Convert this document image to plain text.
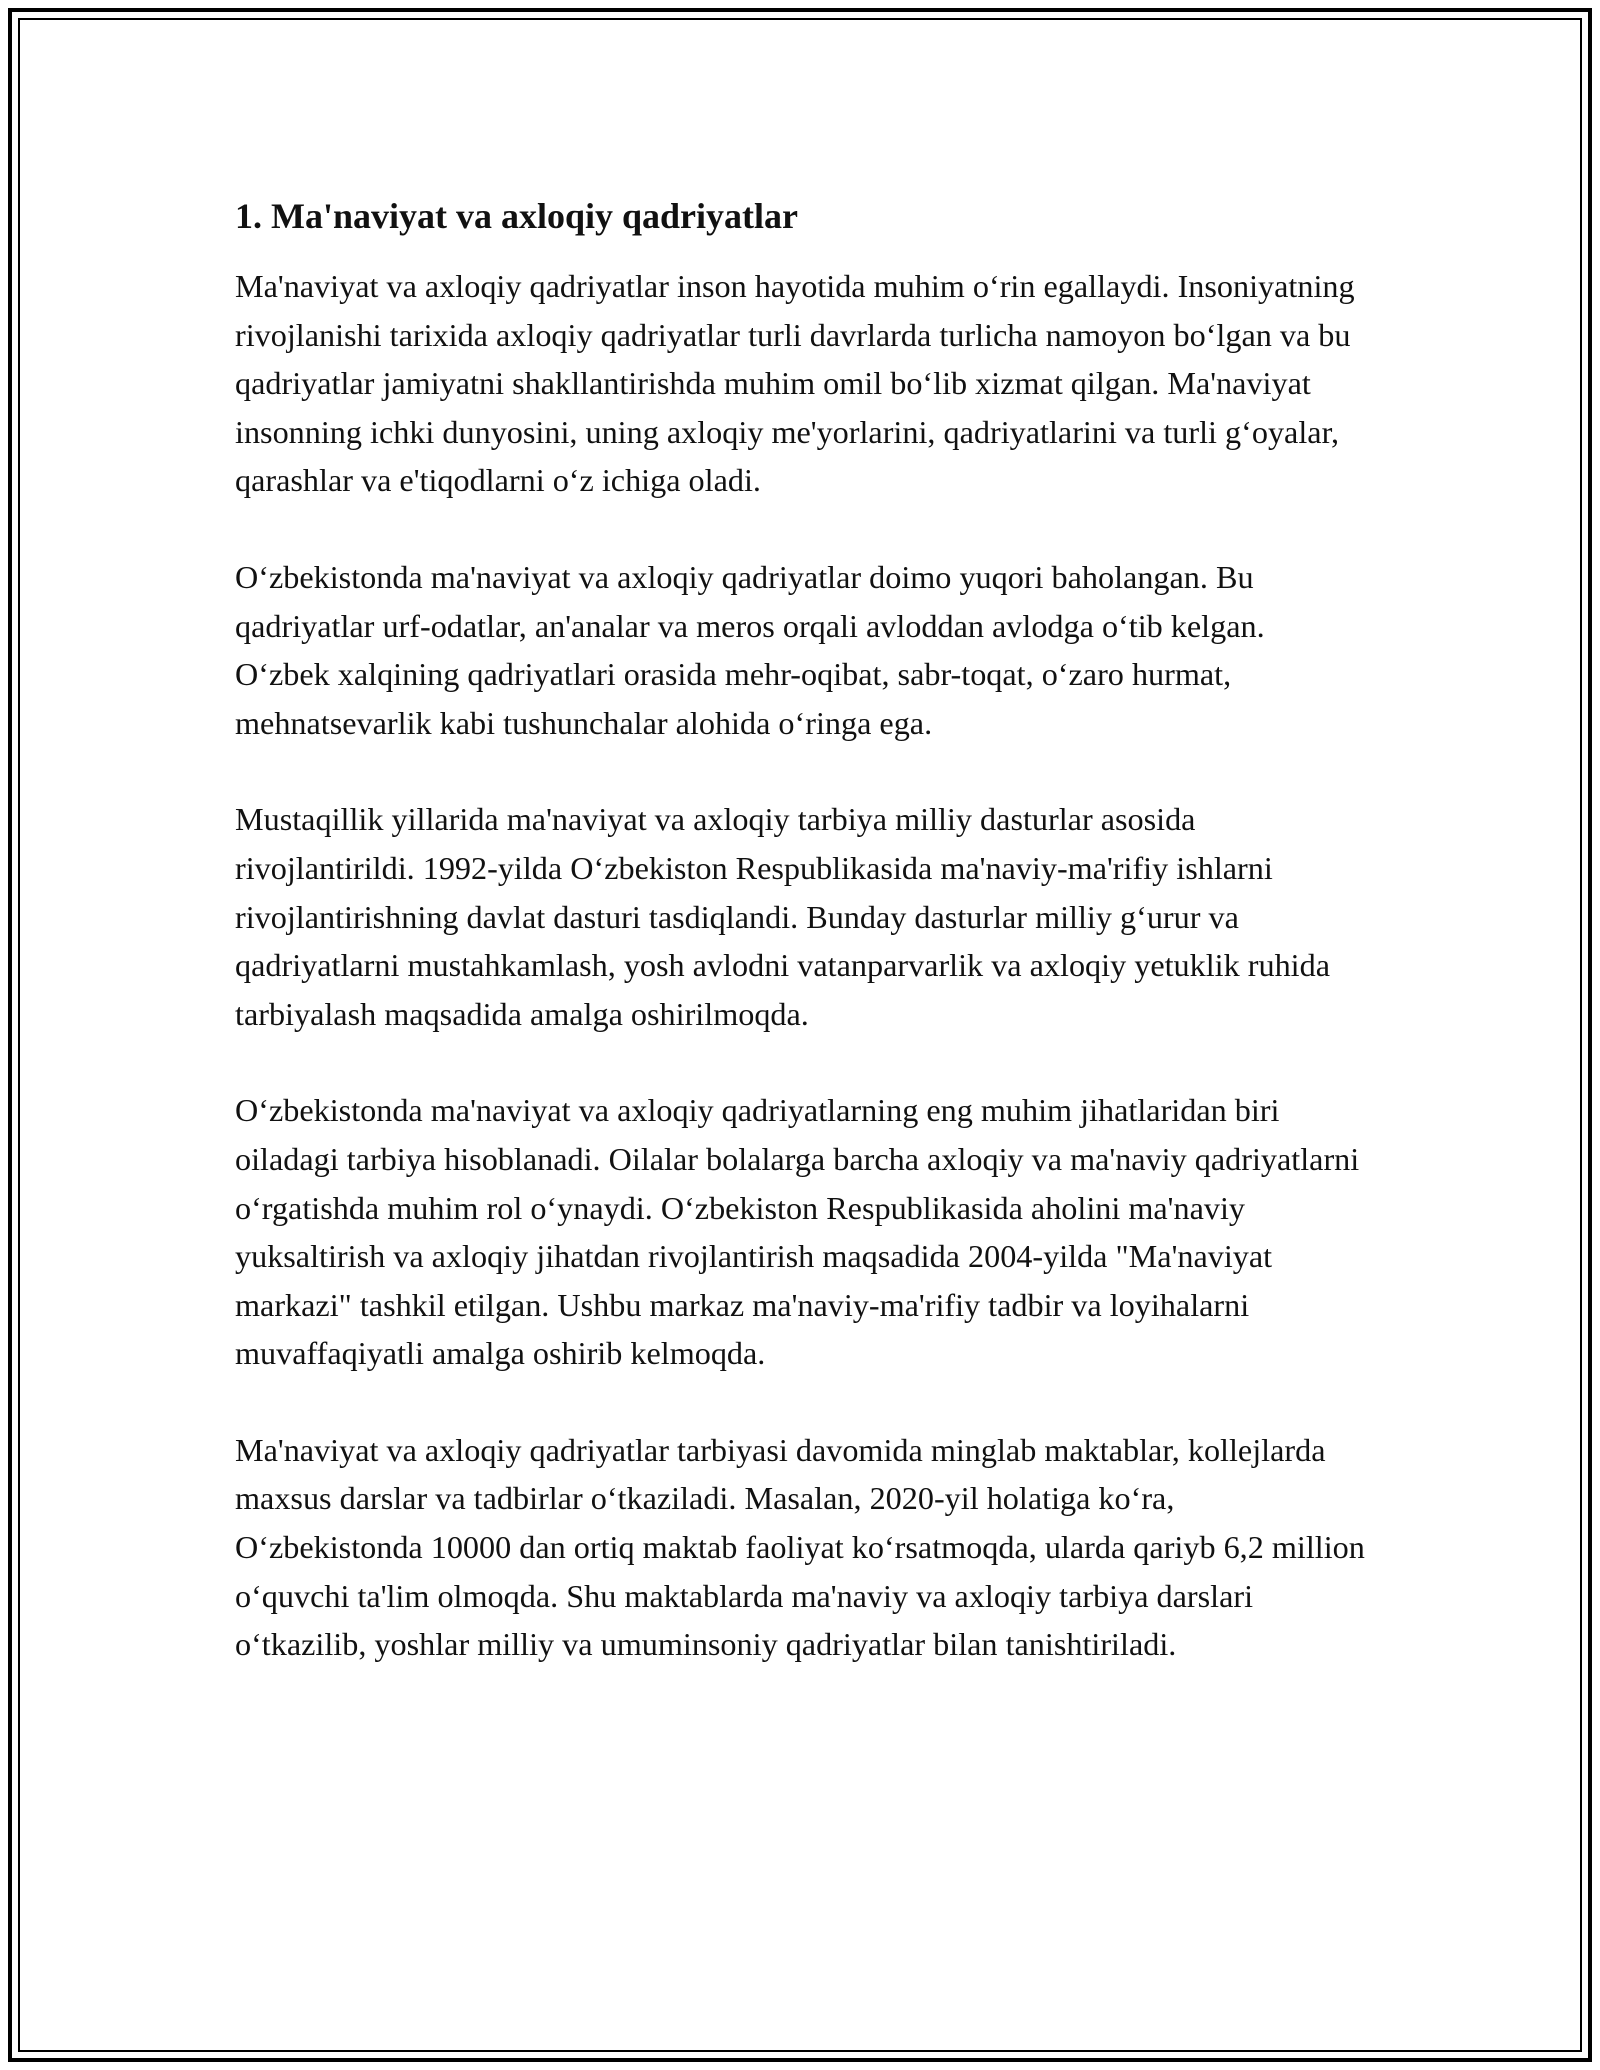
1. Ma'naviyat va axloqiy qadriyatlar

Ma'naviyat va axloqiy qadriyatlar inson hayotida muhim o‘rin egallaydi. Insoniyatning rivojlanishi tarixida axloqiy qadriyatlar turli davrlarda turlicha namoyon bo‘lgan va bu qadriyatlar jamiyatni shakllantirishda muhim omil bo‘lib xizmat qilgan. Ma'naviyat insonning ichki dunyosini, uning axloqiy me'yorlarini, qadriyatlarini va turli g‘oyalar, qarashlar va e'tiqodlarni o‘z ichiga oladi.

O‘zbekistonda ma'naviyat va axloqiy qadriyatlar doimo yuqori baholangan. Bu qadriyatlar urf-odatlar, an'analar va meros orqali avloddan avlodga o‘tib kelgan. O‘zbek xalqining qadriyatlari orasida mehr-oqibat, sabr-toqat, o‘zaro hurmat, mehnatsevarlik kabi tushunchalar alohida o‘ringa ega.

Mustaqillik yillarida ma'naviyat va axloqiy tarbiya milliy dasturlar asosida rivojlantirildi. 1992-yilda O‘zbekiston Respublikasida ma'naviy-ma'rifiy ishlarni rivojlantirishning davlat dasturi tasdiqlandi. Bunday dasturlar milliy g‘urur va qadriyatlarni mustahkamlash, yosh avlodni vatanparvarlik va axloqiy yetuklik ruhida tarbiyalash maqsadida amalga oshirilmoqda.

O‘zbekistonda ma'naviyat va axloqiy qadriyatlarning eng muhim jihatlaridan biri oiladagi tarbiya hisoblanadi. Oilalar bolalarga barcha axloqiy va ma'naviy qadriyatlarni o‘rgatishda muhim rol o‘ynaydi. O‘zbekiston Respublikasida aholini ma'naviy yuksaltirish va axloqiy jihatdan rivojlantirish maqsadida 2004-yilda "Ma'naviyat markazi" tashkil etilgan. Ushbu markaz ma'naviy-ma'rifiy tadbir va loyihalarni muvaffaqiyatli amalga oshirib kelmoqda.

Ma'naviyat va axloqiy qadriyatlar tarbiyasi davomida minglab maktablar, kollejlarda maxsus darslar va tadbirlar o‘tkaziladi. Masalan, 2020-yil holatiga ko‘ra, O‘zbekistonda 10000 dan ortiq maktab faoliyat ko‘rsatmoqda, ularda qariyb 6,2 million o‘quvchi ta'lim olmoqda. Shu maktablarda ma'naviy va axloqiy tarbiya darslari o‘tkazilib, yoshlar milliy va umuminsoniy qadriyatlar bilan tanishtiriladi.
